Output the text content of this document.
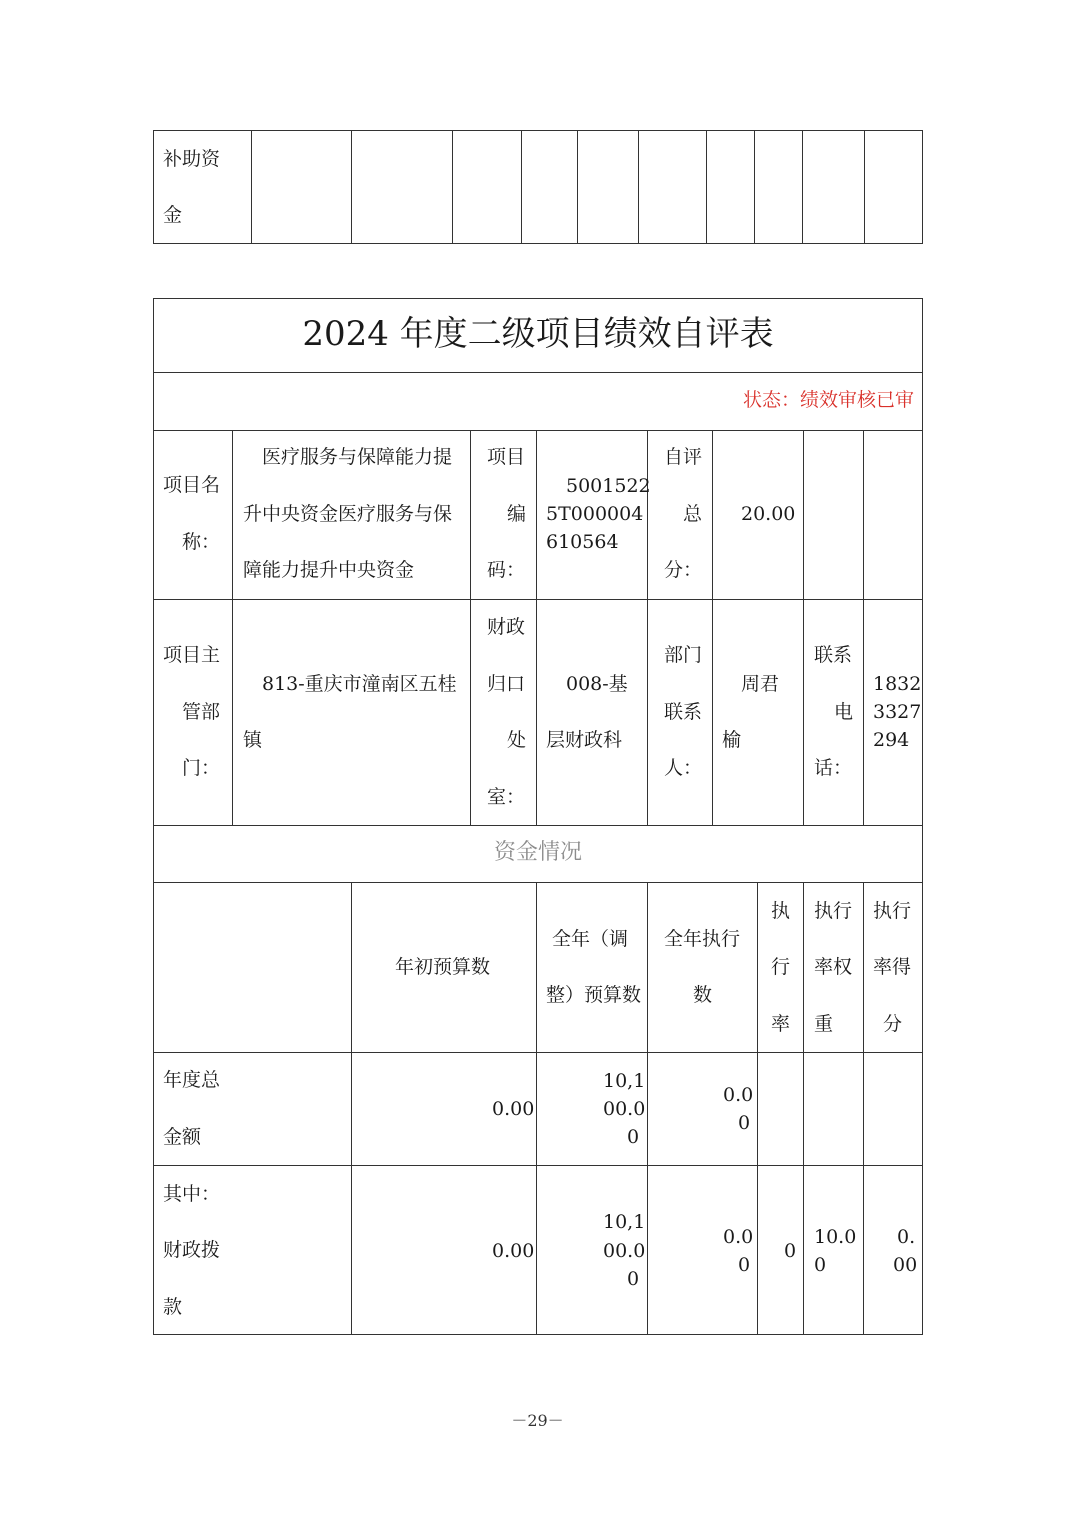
补助资
金
2024 年度二级项目绩效自评表
状态：绩效审核已审
项目名
称：
医疗服务与保障能力提
升中央资金医疗服务与保
障能力提升中央资金
项目
编
码：
5001522
5T000004
610564
自评
总
分：
20.00
项目主
管部
门：
813-重庆市潼南区五桂
镇
财政
归口
处
室：
008-基
层财政科
部门
联系
人：
周君
榆
联系
电
话：
1832
3327
294
资金情况
年初预算数
全年（调
整）预算数
全年执行
数
执
行
率
执行
率权
重
执行
率得
分
年度总
金额
0.00
10,1
00.0
0
0.0
0
其中：
财政拨
款
0.00
10,1
00.0
0
0.0
0
0
10.0
0
0.
00
－29－
